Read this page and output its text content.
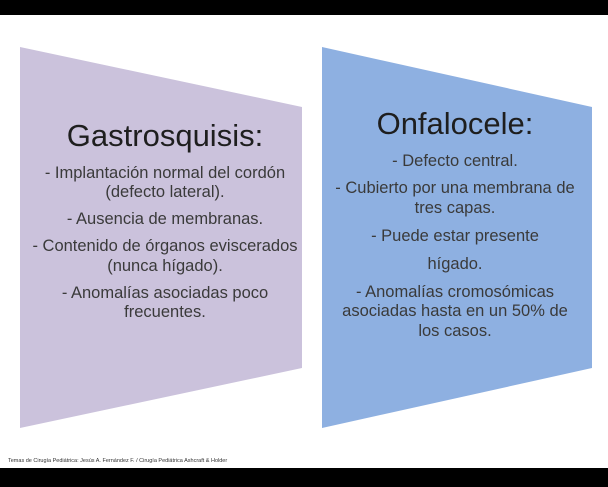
Gastrosquisis:
- Implantación normal del cordón (defecto lateral).
- Ausencia de membranas.
- Contenido de órganos eviscerados (nunca hígado).
- Anomalías asociadas poco frecuentes.
Onfalocele:
- Defecto central.
- Cubierto por una membrana de tres capas.
- Puede estar presente
hígado.
- Anomalías cromosómicas asociadas hasta en un 50% de los casos.
Temas de Cirugía Pediátrica: Jesús A. Fernández F. / Cirugía Pediátrica Ashcraft & Holder
